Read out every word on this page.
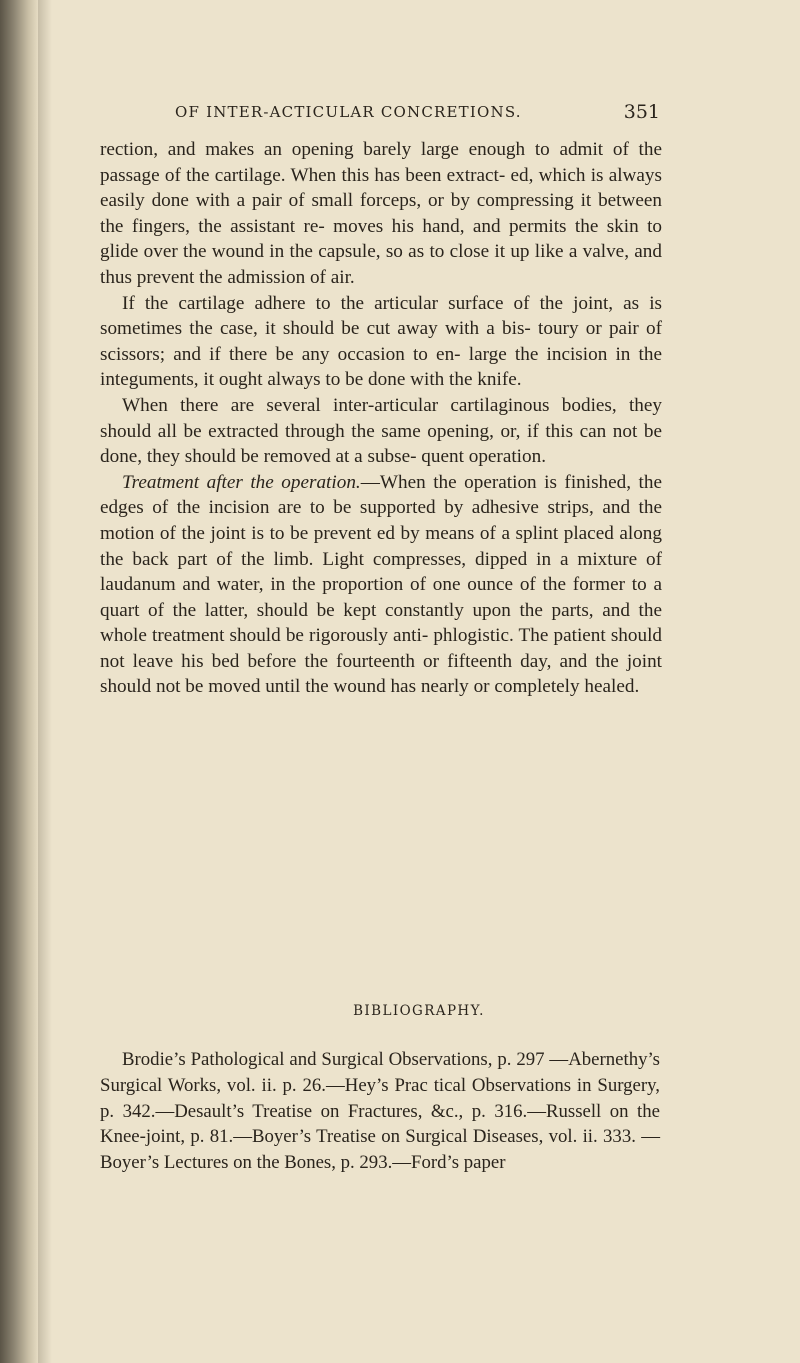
OF INTER-ACTICULAR CONCRETIONS.	351

rection, and makes an opening barely large enough to admit of the passage of the cartilage. When this has been extract- ed, which is always easily done with a pair of small forceps, or by compressing it between the fingers, the assistant re- moves his hand, and permits the skin to glide over the wound in the capsule, so as to close it up like a valve, and thus prevent the admission of air.

If the cartilage adhere to the articular surface of the joint, as is sometimes the case, it should be cut away with a bis- toury or pair of scissors; and if there be any occasion to en- large the incision in the integuments, it ought always to be done with the knife.

When there are several inter-articular cartilaginous bodies, they should all be extracted through the same opening, or, if this can not be done, they should be removed at a subse- quent operation.

Treatment after the operation.—When the operation is finished, the edges of the incision are to be supported by adhesive strips, and the motion of the joint is to be prevent ed by means of a splint placed along the back part of the limb. Light compresses, dipped in a mixture of laudanum and water, in the proportion of one ounce of the former to a quart of the latter, should be kept constantly upon the parts, and the whole treatment should be rigorously anti- phlogistic. The patient should not leave his bed before the fourteenth or fifteenth day, and the joint should not be moved until the wound has nearly or completely healed.

BIBLIOGRAPHY.

Brodie’s Pathological and Surgical Observations, p. 297 —Abernethy’s Surgical Works, vol. ii. p. 26.—Hey’s Prac tical Observations in Surgery, p. 342.—Desault’s Treatise on Fractures, &c., p. 316.—Russell on the Knee-joint, p. 81.—Boyer’s Treatise on Surgical Diseases, vol. ii. 333. —Boyer’s Lectures on the Bones, p. 293.—Ford’s paper
